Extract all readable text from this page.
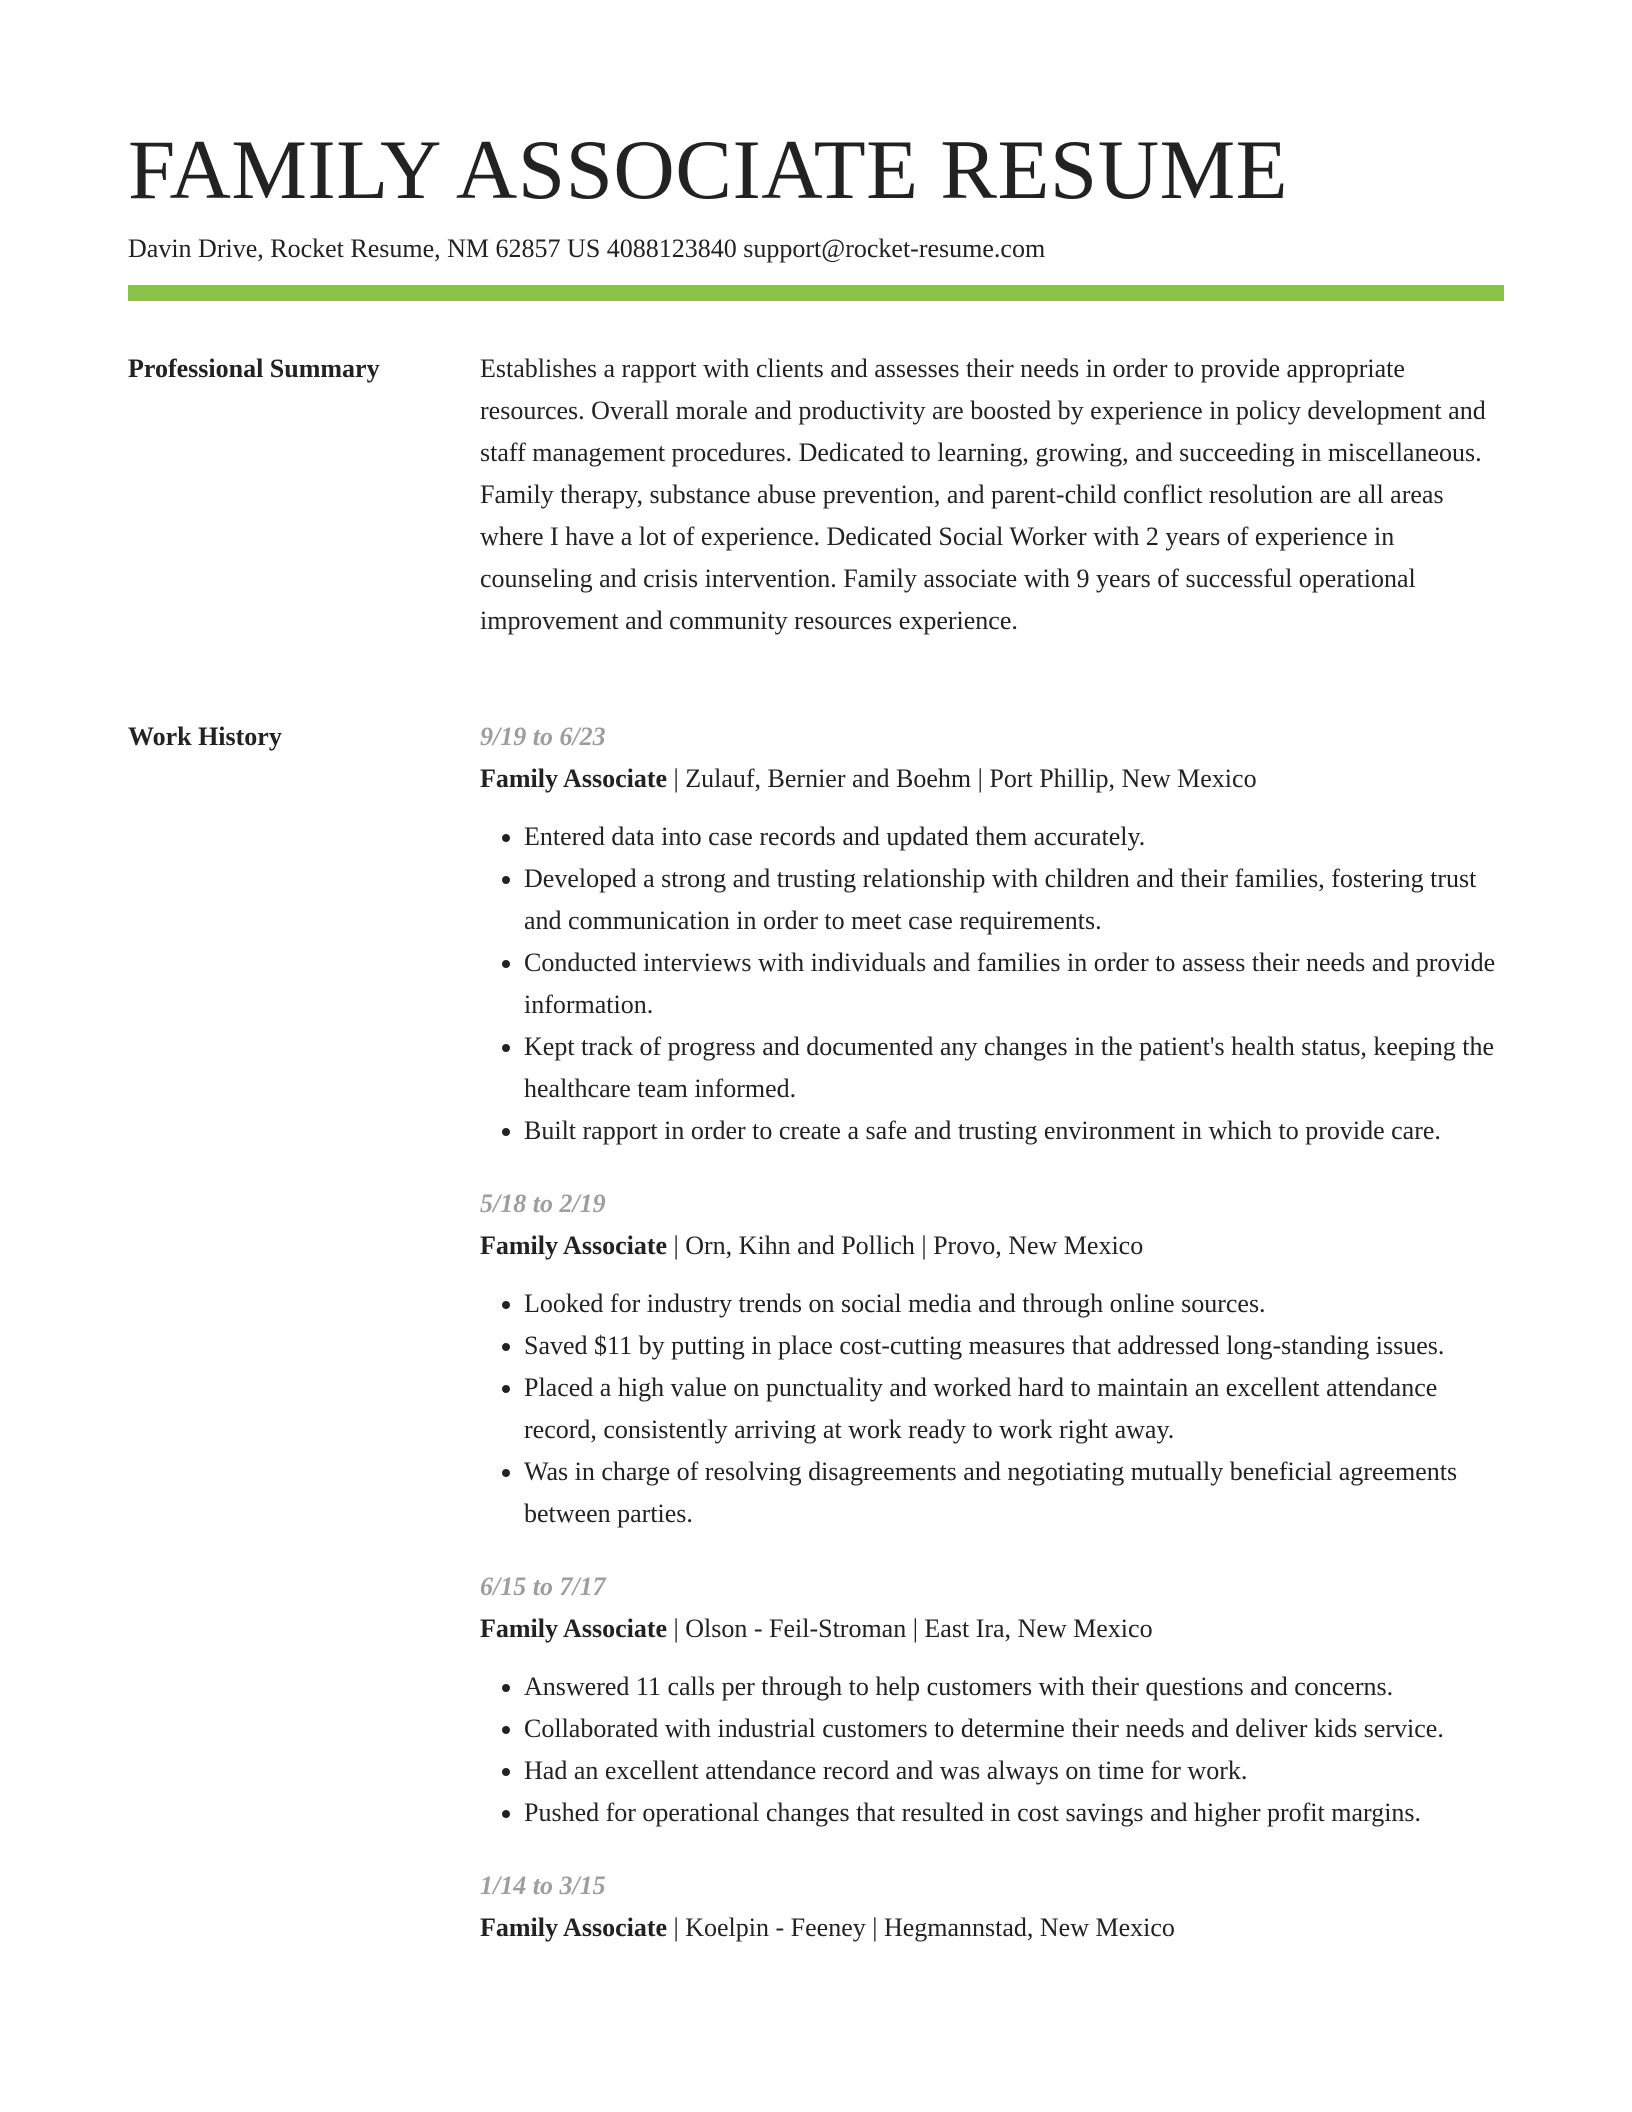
FAMILY ASSOCIATE RESUME
Davin Drive, Rocket Resume, NM 62857 US 4088123840 support@rocket-resume.com
Professional Summary	Establishes a rapport with clients and assesses their needs in order to provide appropriate resources. Overall morale and productivity are boosted by experience in policy development and staff management procedures. Dedicated to learning, growing, and succeeding in miscellaneous. Family therapy, substance abuse prevention, and parent-child conflict resolution are all areas where I have a lot of experience. Dedicated Social Worker with 2 years of experience in counseling and crisis intervention. Family associate with 9 years of successful operational improvement and community resources experience.

Work History	9/19 to 6/23
Family Associate | Zulauf, Bernier and Boehm | Port Phillip, New Mexico
• Entered data into case records and updated them accurately.
• Developed a strong and trusting relationship with children and their families, fostering trust and communication in order to meet case requirements.
• Conducted interviews with individuals and families in order to assess their needs and provide information.
• Kept track of progress and documented any changes in the patient's health status, keeping the healthcare team informed.
• Built rapport in order to create a safe and trusting environment in which to provide care.
5/18 to 2/19
Family Associate | Orn, Kihn and Pollich | Provo, New Mexico
• Looked for industry trends on social media and through online sources.
• Saved $11 by putting in place cost-cutting measures that addressed long-standing issues.
• Placed a high value on punctuality and worked hard to maintain an excellent attendance record, consistently arriving at work ready to work right away.
• Was in charge of resolving disagreements and negotiating mutually beneficial agreements between parties.
6/15 to 7/17
Family Associate | Olson - Feil-Stroman | East Ira, New Mexico
• Answered 11 calls per through to help customers with their questions and concerns.
• Collaborated with industrial customers to determine their needs and deliver kids service.
• Had an excellent attendance record and was always on time for work.
• Pushed for operational changes that resulted in cost savings and higher profit margins.
1/14 to 3/15
Family Associate | Koelpin - Feeney | Hegmannstad, New Mexico
